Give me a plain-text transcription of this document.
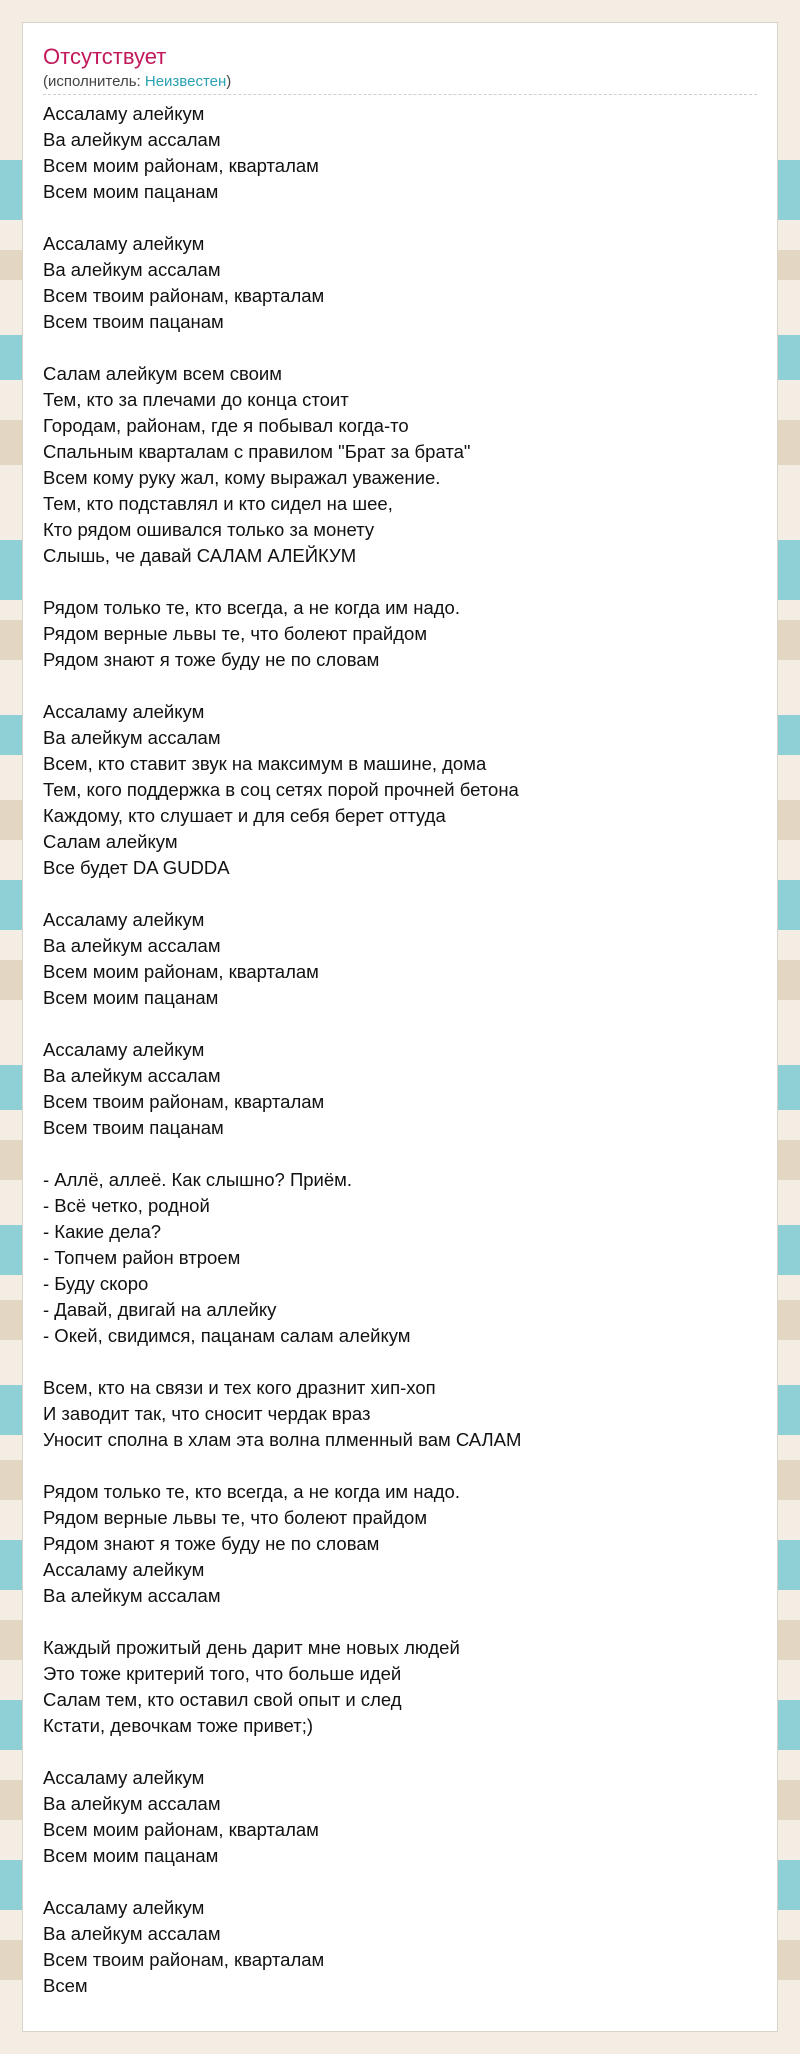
Отсутствует
(исполнитель: Неизвестен)
Ассаламу алейкум
Ва алейкум ассалам
Всем моим районам, кварталам
Всем моим пацанам
Ассаламу алейкум
Ва алейкум ассалам
Всем твоим районам, кварталам
Всем твоим пацанам
Салам алейкум всем своим
Тем, кто за плечами до конца стоит
Городам, районам, где я побывал когда-то
Спальным кварталам с правилом "Брат за брата"
Всем кому руку жал, кому выражал уважение.
Тем, кто подставлял и кто сидел на шее,
Кто рядом ошивался только за монету
Слышь, че давай САЛАМ АЛЕЙКУМ
Рядом только те, кто всегда, а не когда им надо.
Рядом верные львы те, что болеют прайдом
Рядом знают я тоже буду не по словам
Ассаламу алейкум
Ва алейкум ассалам
Всем, кто ставит звук на максимум в машине, дома
Тем, кого поддержка в соц сетях порой прочней бетона
Каждому, кто слушает и для себя берет оттуда
Салам алейкум
Все будет DA GUDDA
Ассаламу алейкум
Ва алейкум ассалам
Всем моим районам, кварталам
Всем моим пацанам
Ассаламу алейкум
Ва алейкум ассалам
Всем твоим районам, кварталам
Всем твоим пацанам
- Аллё, аллеё. Как слышно? Приём.
- Всё четко, родной
- Какие дела?
- Топчем район втроем
- Буду скоро
- Давай, двигай на аллейку
- Окей, свидимся, пацанам салам алейкум
Всем, кто на связи и тех кого дразнит хип-хоп
И заводит так, что сносит чердак враз
Уносит сполна в хлам эта волна плменный вам САЛАМ
Рядом только те, кто всегда, а не когда им надо.
Рядом верные львы те, что болеют прайдом
Рядом знают я тоже буду не по словам
Ассаламу алейкум
Ва алейкум ассалам
Каждый прожитый день дарит мне новых людей
Это тоже критерий того, что больше идей
Салам тем, кто оставил свой опыт и след
Кстати, девочкам тоже привет;)
Ассаламу алейкум
Ва алейкум ассалам
Всем моим районам, кварталам
Всем моим пацанам
Ассаламу алейкум
Ва алейкум ассалам
Всем твоим районам, кварталам
Всем
